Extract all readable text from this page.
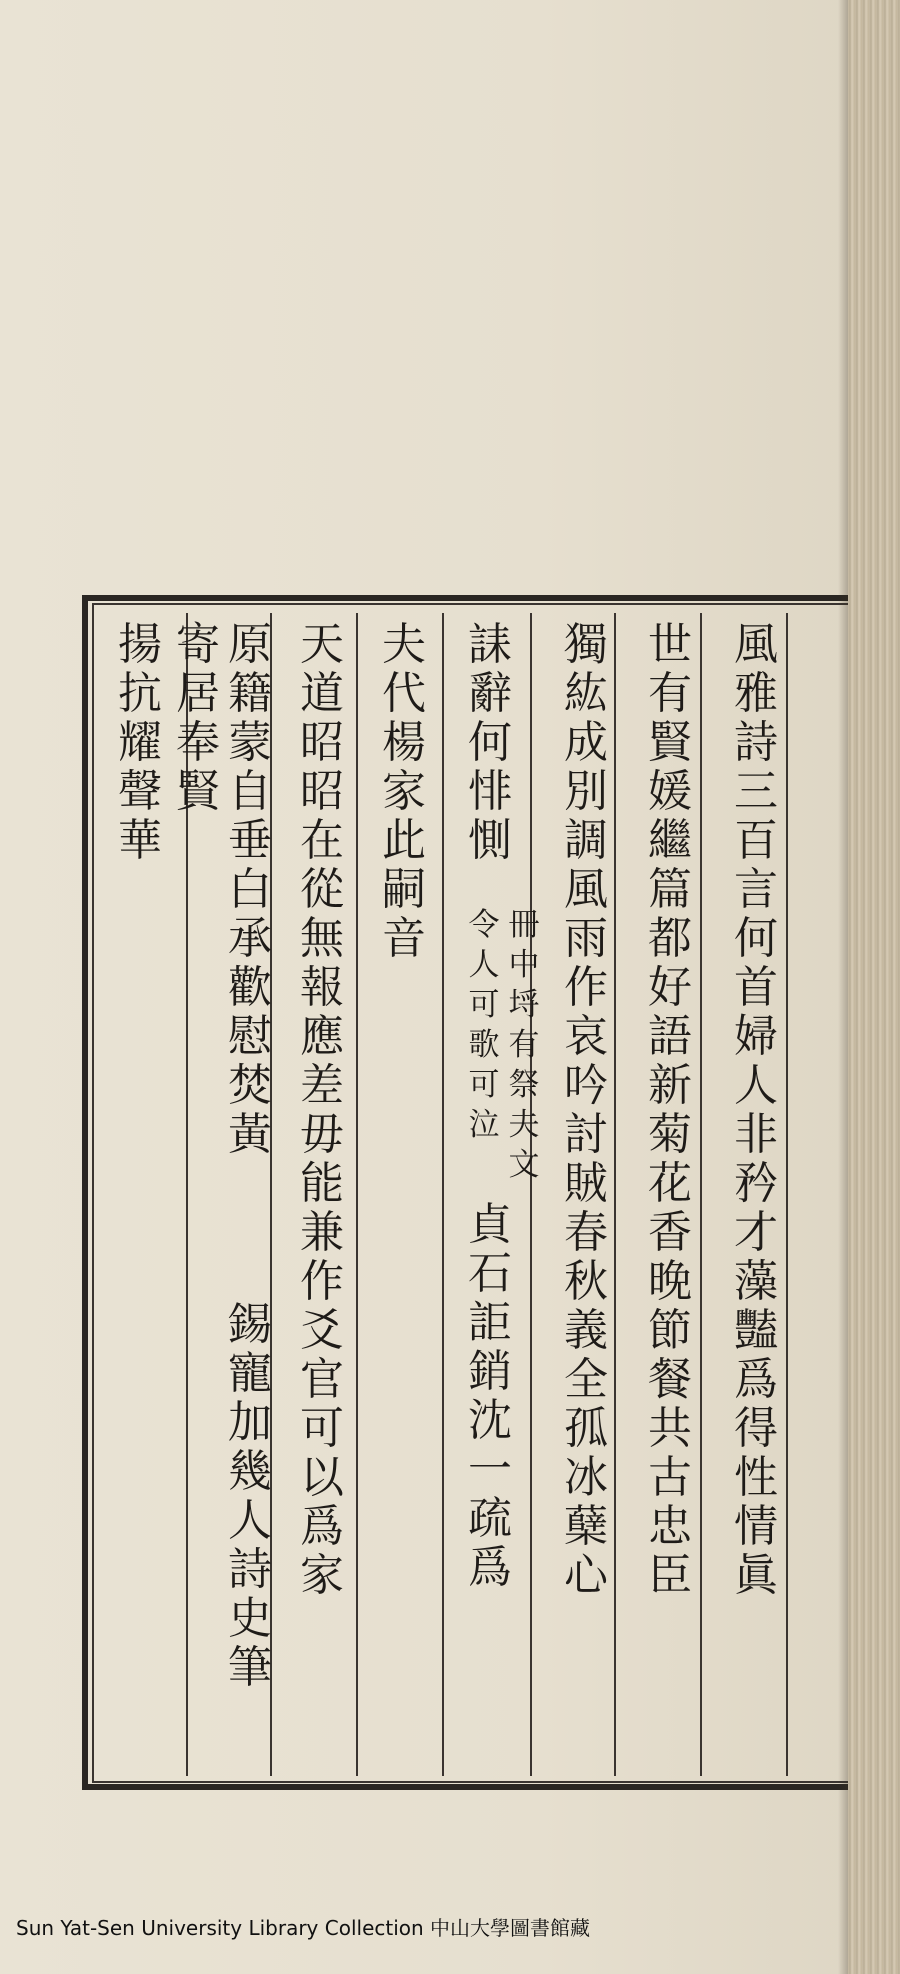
風
雅
詩
三
百
言
何
首
婦
人
非
矜
才
藻
豔
爲
得
性
情
眞
世
有
賢
媛
繼
篇
都
好
語
新
菊
花
香
晚
節
餐
共
古
忠
臣
獨
紘
成
別
調
風
雨
作
哀
吟
討
賊
春
秋
義
全
孤
冰
蘖
心
誄
辭
何
悱
惻
夫
代
楊
家
此
嗣
音
天
道
昭
昭
在
從
無
報
應
差
毋
能
兼
作
爻
官
可
以
爲
家
原
籍
蒙
自
垂
白
承
歡
慰
焚
黃
寄
居
奉
賢
揚
抗
耀
聲
華
冊
中
埒
有
祭
夫
文
令
人
可
歌
可
泣
貞
石
詎
銷
沈
一
疏
爲
錫
寵
加
幾
人
詩
史
筆
Sun Yat-Sen University Library Collection 中山大學圖書館藏
